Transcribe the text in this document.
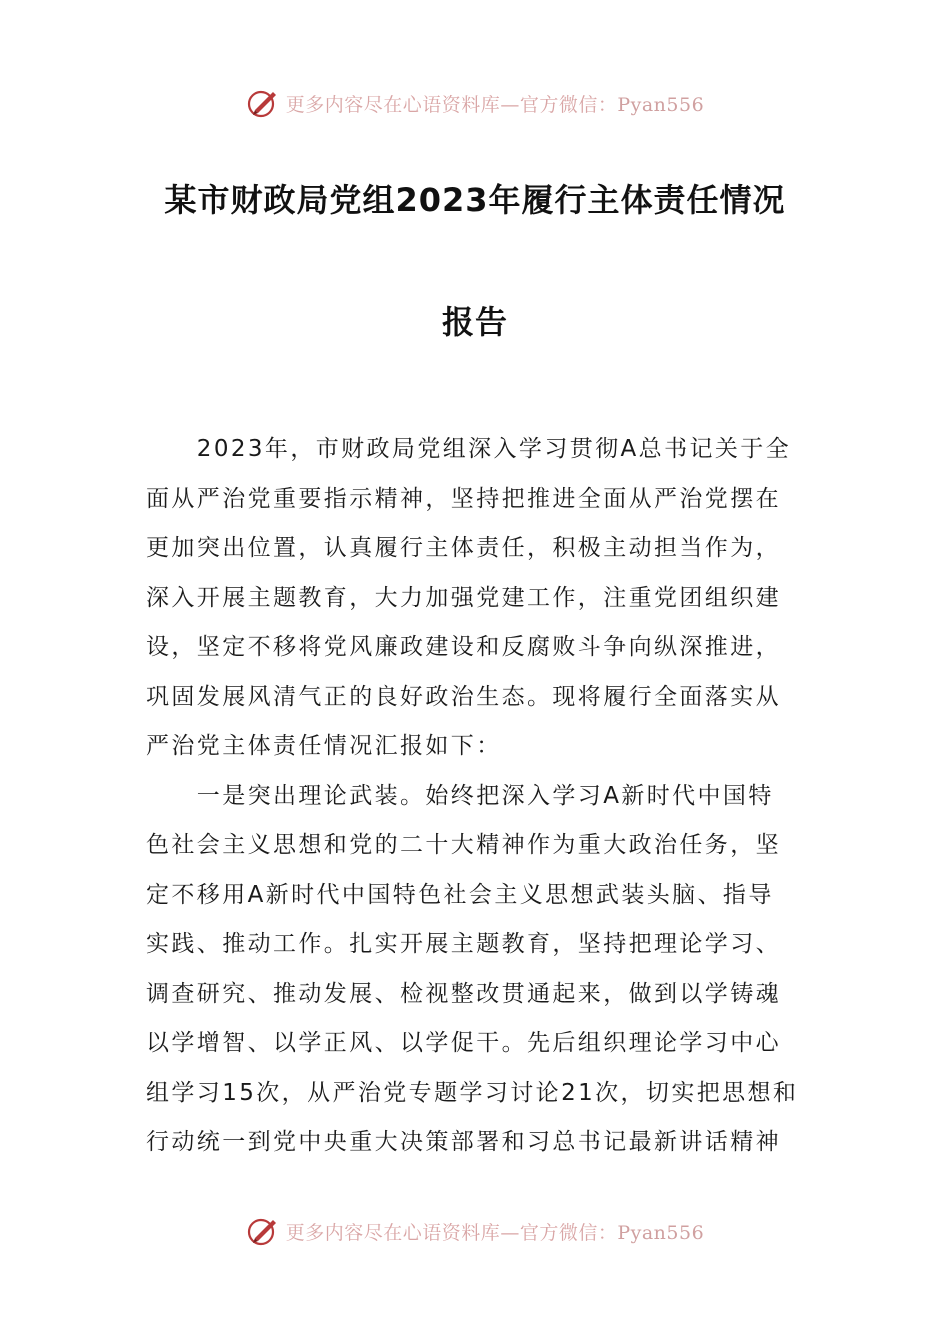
更多内容尽在心语资料库—官方微信：Pyan556
某市财政局党组2023年履行主体责任情况
报告
　　2023年，市财政局党组深入学习贯彻A总书记关于全
面从严治党重要指示精神，坚持把推进全面从严治党摆在
更加突出位置，认真履行主体责任，积极主动担当作为，
深入开展主题教育，大力加强党建工作，注重党团组织建
设，坚定不移将党风廉政建设和反腐败斗争向纵深推进，
巩固发展风清气正的良好政治生态。现将履行全面落实从
严治党主体责任情况汇报如下：
　　一是突出理论武装。始终把深入学习A新时代中国特
色社会主义思想和党的二十大精神作为重大政治任务，坚
定不移用A新时代中国特色社会主义思想武装头脑、指导
实践、推动工作。扎实开展主题教育，坚持把理论学习、
调查研究、推动发展、检视整改贯通起来，做到以学铸魂
以学增智、以学正风、以学促干。先后组织理论学习中心
组学习15次，从严治党专题学习讨论21次，切实把思想和
行动统一到党中央重大决策部署和习总书记最新讲话精神
更多内容尽在心语资料库—官方微信：Pyan556
